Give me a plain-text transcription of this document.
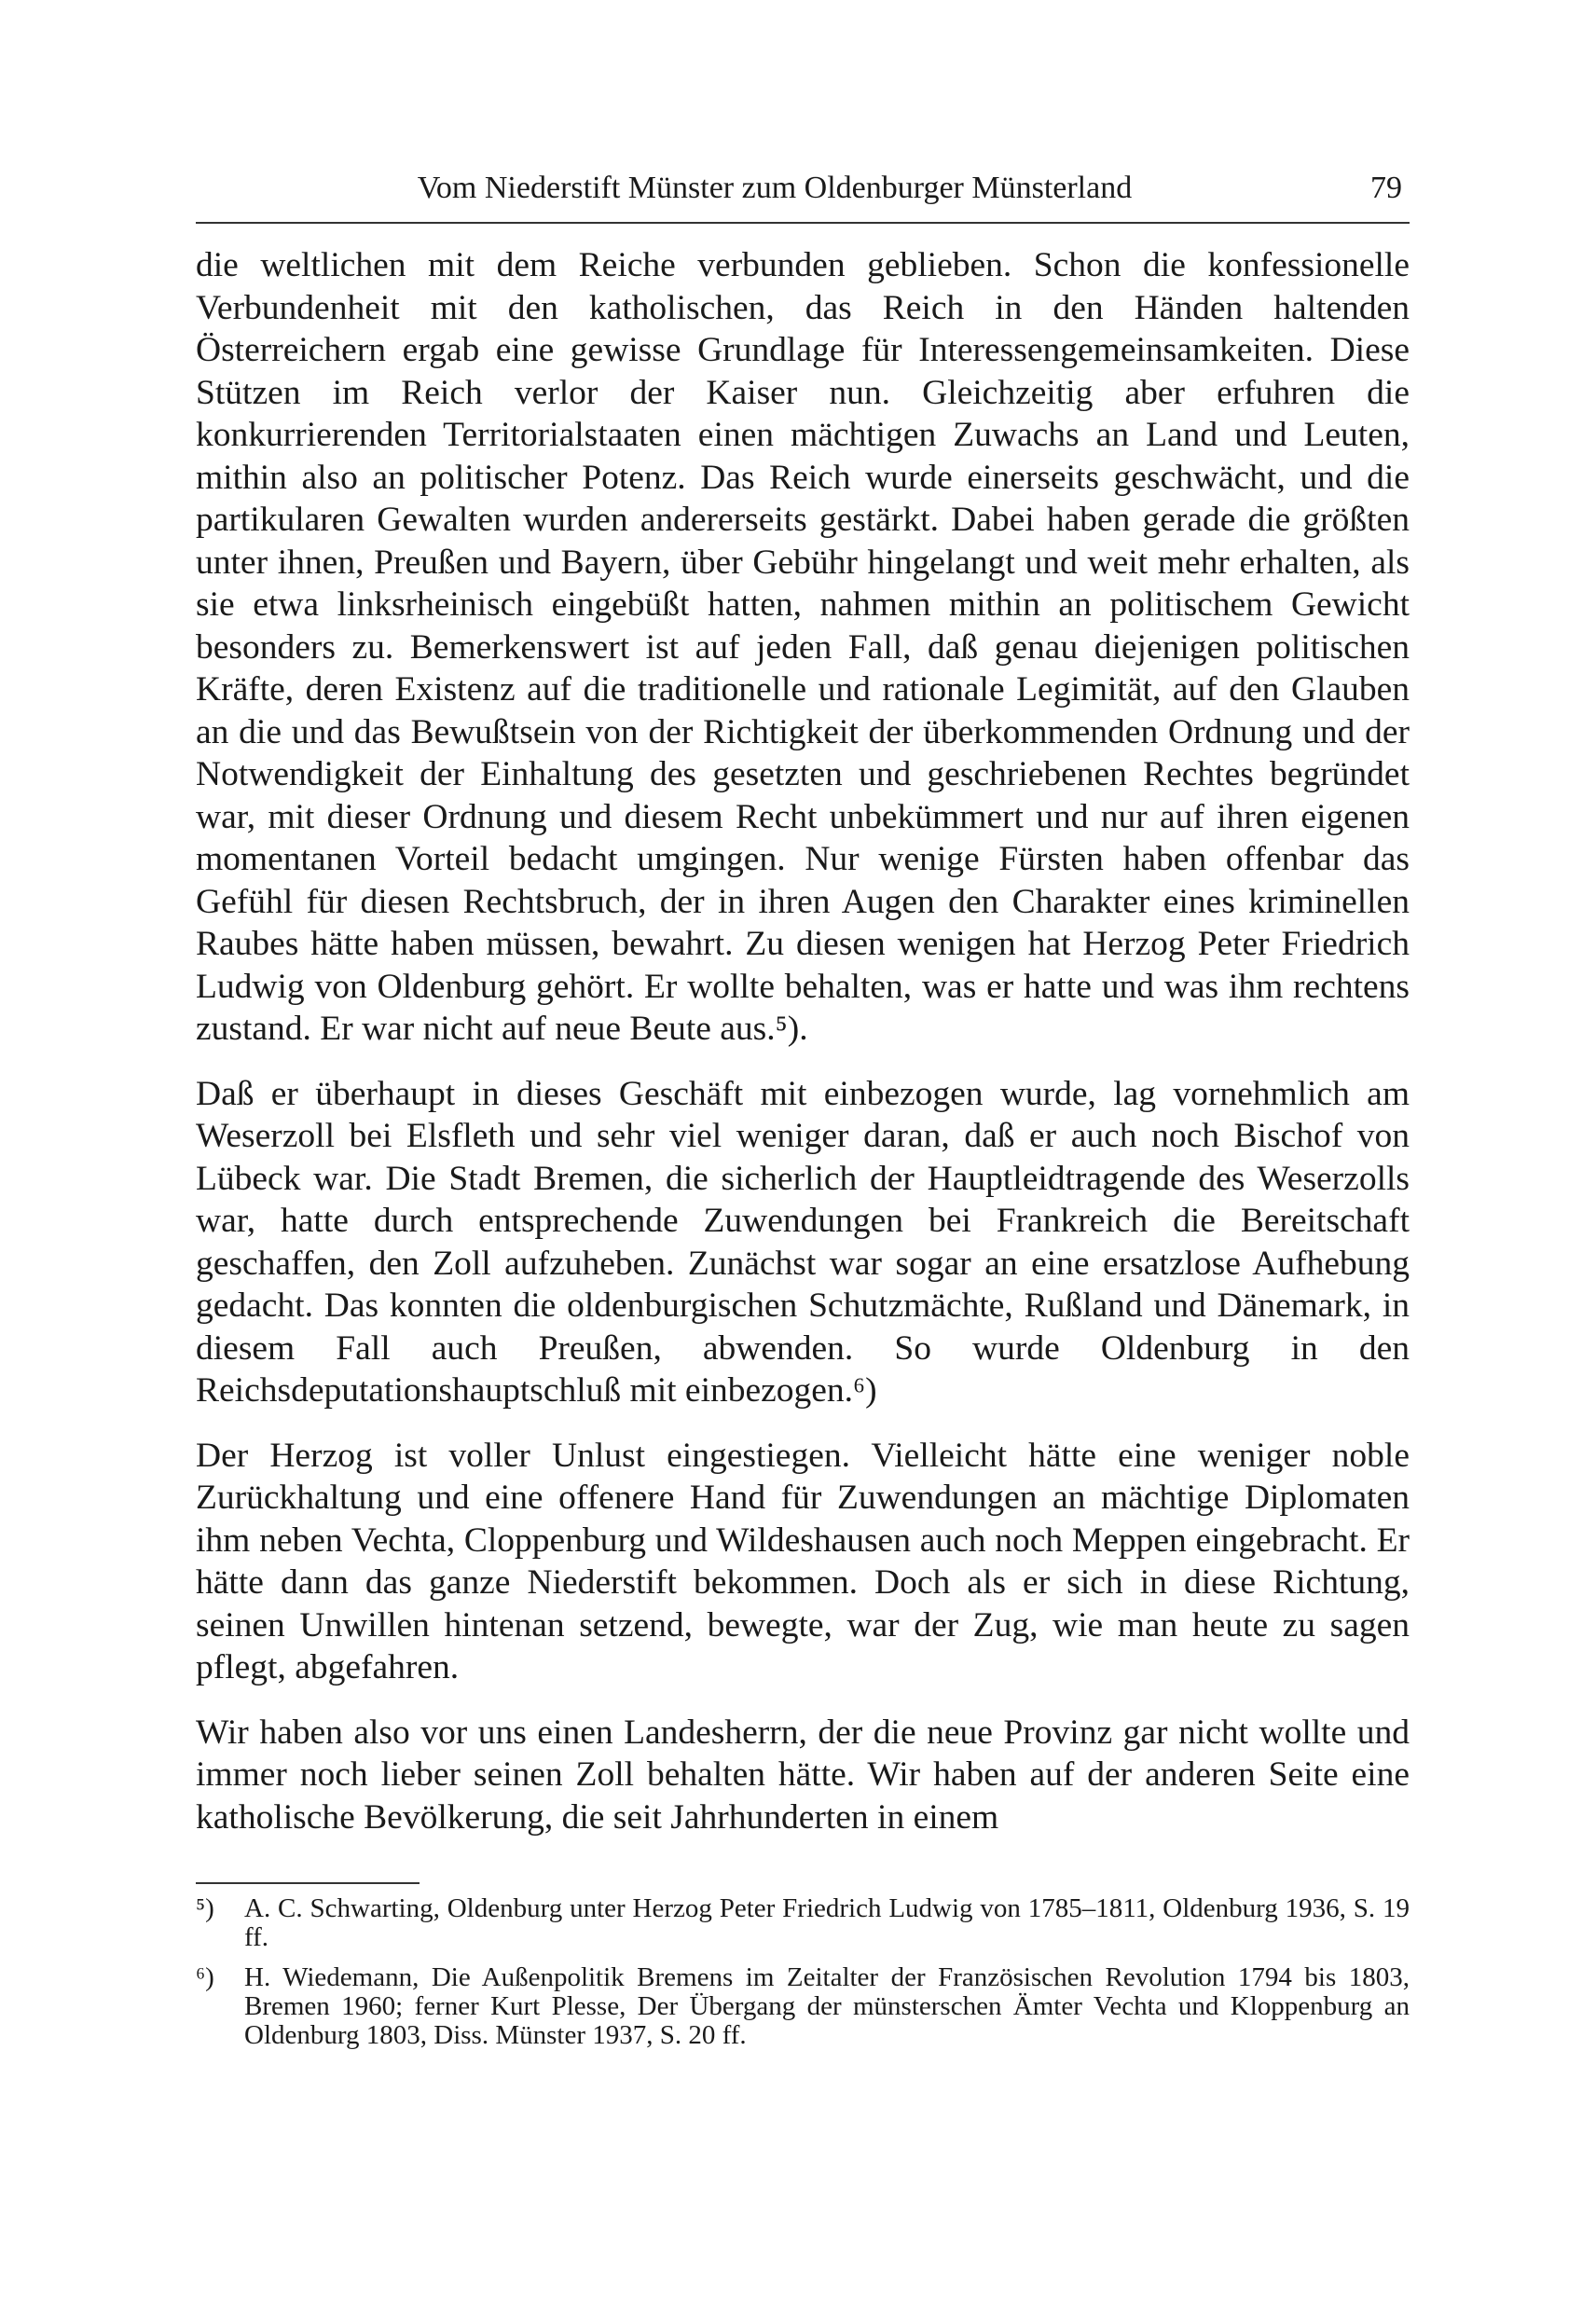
Vom Niederstift Münster zum Oldenburger Münsterland	79

die weltlichen mit dem Reiche verbunden geblieben. Schon die konfessionelle Verbundenheit mit den katholischen, das Reich in den Händen haltenden Österreichern ergab eine gewisse Grundlage für Interessengemeinsamkeiten. Diese Stützen im Reich verlor der Kaiser nun. Gleichzeitig aber erfuhren die konkurrierenden Territorialstaaten einen mächtigen Zuwachs an Land und Leuten, mithin also an politischer Potenz. Das Reich wurde einerseits geschwächt, und die partikularen Gewalten wurden andererseits gestärkt. Dabei haben gerade die größten unter ihnen, Preußen und Bayern, über Gebühr hingelangt und weit mehr erhalten, als sie etwa linksrheinisch eingebüßt hatten, nahmen mithin an politischem Gewicht besonders zu. Bemerkenswert ist auf jeden Fall, daß genau diejenigen politischen Kräfte, deren Existenz auf die traditionelle und rationale Legimität, auf den Glauben an die und das Bewußtsein von der Richtigkeit der überkommenden Ordnung und der Notwendigkeit der Einhaltung des gesetzten und geschriebenen Rechtes begründet war, mit dieser Ordnung und diesem Recht unbekümmert und nur auf ihren eigenen momentanen Vorteil bedacht umgingen. Nur wenige Fürsten haben offenbar das Gefühl für diesen Rechtsbruch, der in ihren Augen den Charakter eines kriminellen Raubes hätte haben müssen, bewahrt. Zu diesen wenigen hat Herzog Peter Friedrich Ludwig von Oldenburg gehört. Er wollte behalten, was er hatte und was ihm rechtens zustand. Er war nicht auf neue Beute aus.⁵).

Daß er überhaupt in dieses Geschäft mit einbezogen wurde, lag vornehmlich am Weserzoll bei Elsfleth und sehr viel weniger daran, daß er auch noch Bischof von Lübeck war. Die Stadt Bremen, die sicherlich der Hauptleidtragende des Weserzolls war, hatte durch entsprechende Zuwendungen bei Frankreich die Bereitschaft geschaffen, den Zoll aufzuheben. Zunächst war sogar an eine ersatzlose Aufhebung gedacht. Das konnten die oldenburgischen Schutzmächte, Rußland und Dänemark, in diesem Fall auch Preußen, abwenden. So wurde Oldenburg in den Reichsdeputationshauptschluß mit einbezogen.⁶)

Der Herzog ist voller Unlust eingestiegen. Vielleicht hätte eine weniger noble Zurückhaltung und eine offenere Hand für Zuwendungen an mächtige Diplomaten ihm neben Vechta, Cloppenburg und Wildeshausen auch noch Meppen eingebracht. Er hätte dann das ganze Niederstift bekommen. Doch als er sich in diese Richtung, seinen Unwillen hintenan setzend, bewegte, war der Zug, wie man heute zu sagen pflegt, abgefahren.

Wir haben also vor uns einen Landesherrn, der die neue Provinz gar nicht wollte und immer noch lieber seinen Zoll behalten hätte. Wir haben auf der anderen Seite eine katholische Bevölkerung, die seit Jahrhunderten in einem

⁵) A. C. Schwarting, Oldenburg unter Herzog Peter Friedrich Ludwig von 1785–1811, Oldenburg 1936, S. 19 ff.
⁶) H. Wiedemann, Die Außenpolitik Bremens im Zeitalter der Französischen Revolution 1794 bis 1803, Bremen 1960; ferner Kurt Plesse, Der Übergang der münsterschen Ämter Vechta und Kloppenburg an Oldenburg 1803, Diss. Münster 1937, S. 20 ff.
